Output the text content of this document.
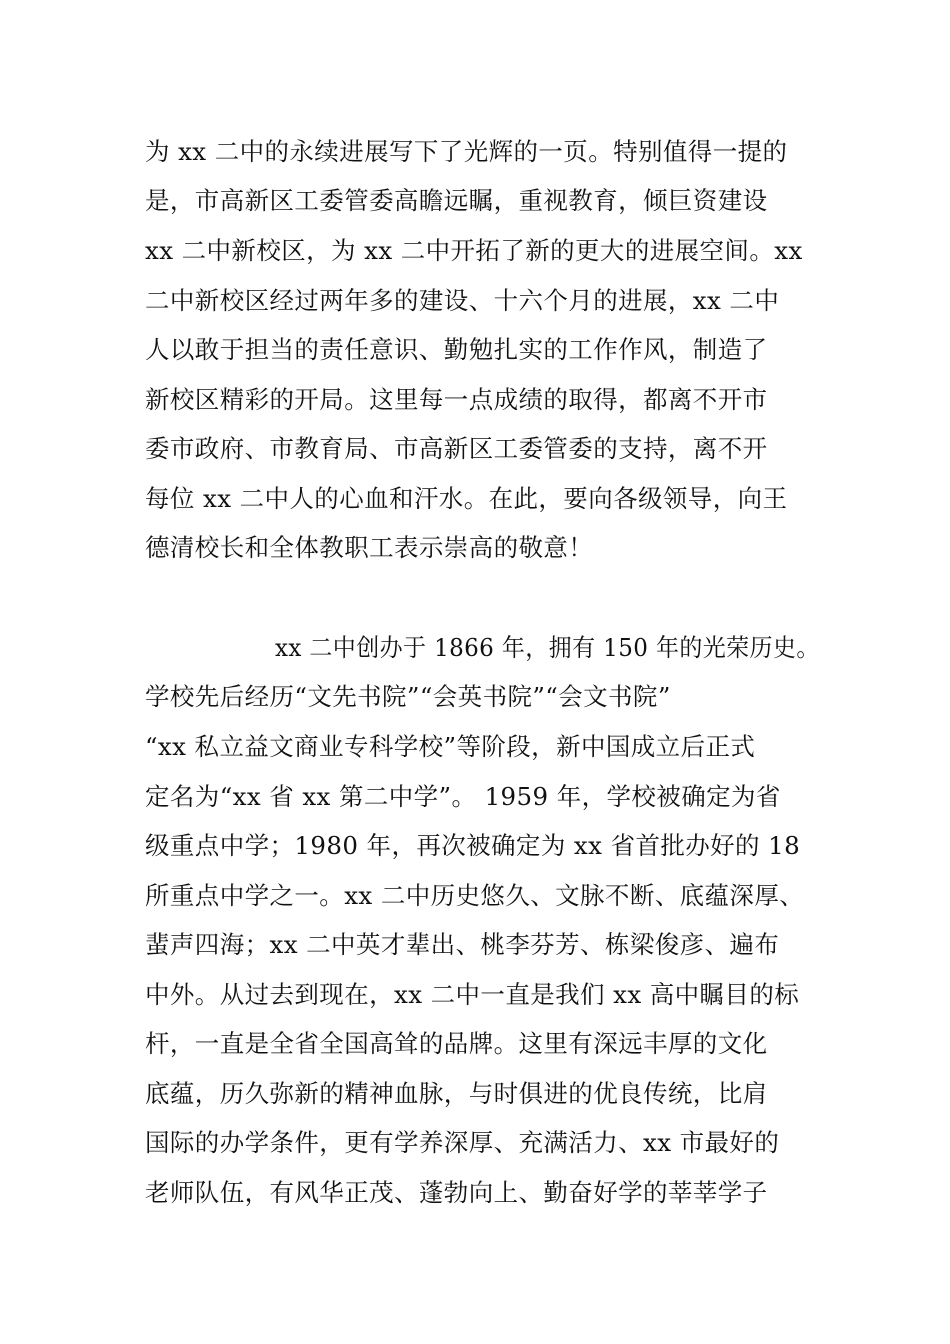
为 xx 二中的永续进展写下了光辉的一页。特别值得一提的
是，市高新区工委管委高瞻远瞩，重视教育，倾巨资建设
xx 二中新校区，为 xx 二中开拓了新的更大的进展空间。xx
二中新校区经过两年多的建设、十六个月的进展，xx 二中
人以敢于担当的责任意识、勤勉扎实的工作作风，制造了
新校区精彩的开局。这里每一点成绩的取得，都离不开市
委市政府、市教育局、市高新区工委管委的支持，离不开
每位 xx 二中人的心血和汗水。在此，要向各级领导，向王
德清校长和全体教职工表示崇高的敬意！
xx 二中创办于 1866 年，拥有 150 年的光荣历史。
学校先后经历“文先书院”“会英书院”“会文书院”
“xx 私立益文商业专科学校”等阶段，新中国成立后正式
定名为“xx 省 xx 第二中学”。 1959 年，学校被确定为省
级重点中学；1980 年，再次被确定为 xx 省首批办好的 18
所重点中学之一。xx 二中历史悠久、文脉不断、底蕴深厚、
蜚声四海；xx 二中英才辈出、桃李芬芳、栋梁俊彦、遍布
中外。从过去到现在，xx 二中一直是我们 xx 高中瞩目的标
杆，一直是全省全国高耸的品牌。这里有深远丰厚的文化
底蕴，历久弥新的精神血脉，与时俱进的优良传统，比肩
国际的办学条件，更有学养深厚、充满活力、xx 市最好的
老师队伍，有风华正茂、蓬勃向上、勤奋好学的莘莘学子
